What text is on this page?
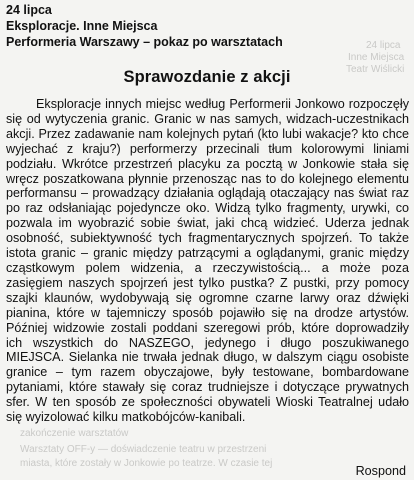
24 lipca
Inne Miejsca
Teatr Wiślicki
zakończenie warsztatów
Warsztaty OFF-y — doświadczenie teatru w przestrzeni
miasta, które zostały w Jonkowie po teatrze. W czasie tej
24 lipca
Eksploracje. Inne Miejsca
Performeria Warszawy – pokaz po warsztatach
Sprawozdanie z akcji

Eksploracje innych miejsc według Performerii Jonkowo rozpoczęły się od wytyczenia granic. Granic w nas samych, widzach-uczestnikach akcji. Przez zadawanie nam kolejnych pytań (kto lubi wakacje? kto chce wyjechać z kraju?) performerzy przecinali tłum kolorowymi liniami podziału. Wkrótce przestrzeń placyku za pocztą w Jonkowie stała się wręcz poszatkowana płynnie przenosząc nas to do kolejnego elementu performansu – prowadzący działania oglądają otaczający nas świat raz po raz odsłaniając pojedyncze oko. Widzą tylko fragmenty, urywki, co pozwala im wyobrazić sobie świat, jaki chcą widzieć. Uderza jednak osobność, subiektywność tych fragmentarycznych spojrzeń. To także istota granic – granic między patrzącymi a oglądanymi, granic między cząstkowym polem widzenia, a rzeczywistością... a może poza zasięgiem naszych spojrzeń jest tylko pustka? Z pustki, przy pomocy szajki klaunów, wydobywają się ogromne czarne larwy oraz dźwięki pianina, które w tajemniczy sposób pojawiło się na drodze artystów. Później widzowie zostali poddani szeregowi prób, które doprowadziły ich wszystkich do NASZEGO, jedynego i długo poszukiwanego MIEJSCA. Sielanka nie trwała jednak długo, w dalszym ciągu osobiste granice – tym razem obyczajowe, były testowane, bombardowane pytaniami, które stawały się coraz trudniejsze i dotyczące prywatnych sfer. W ten sposób ze społeczności obywateli Wioski Teatralnej udało się wyizolować kilku matkobójców-kanibali.

Rospond
